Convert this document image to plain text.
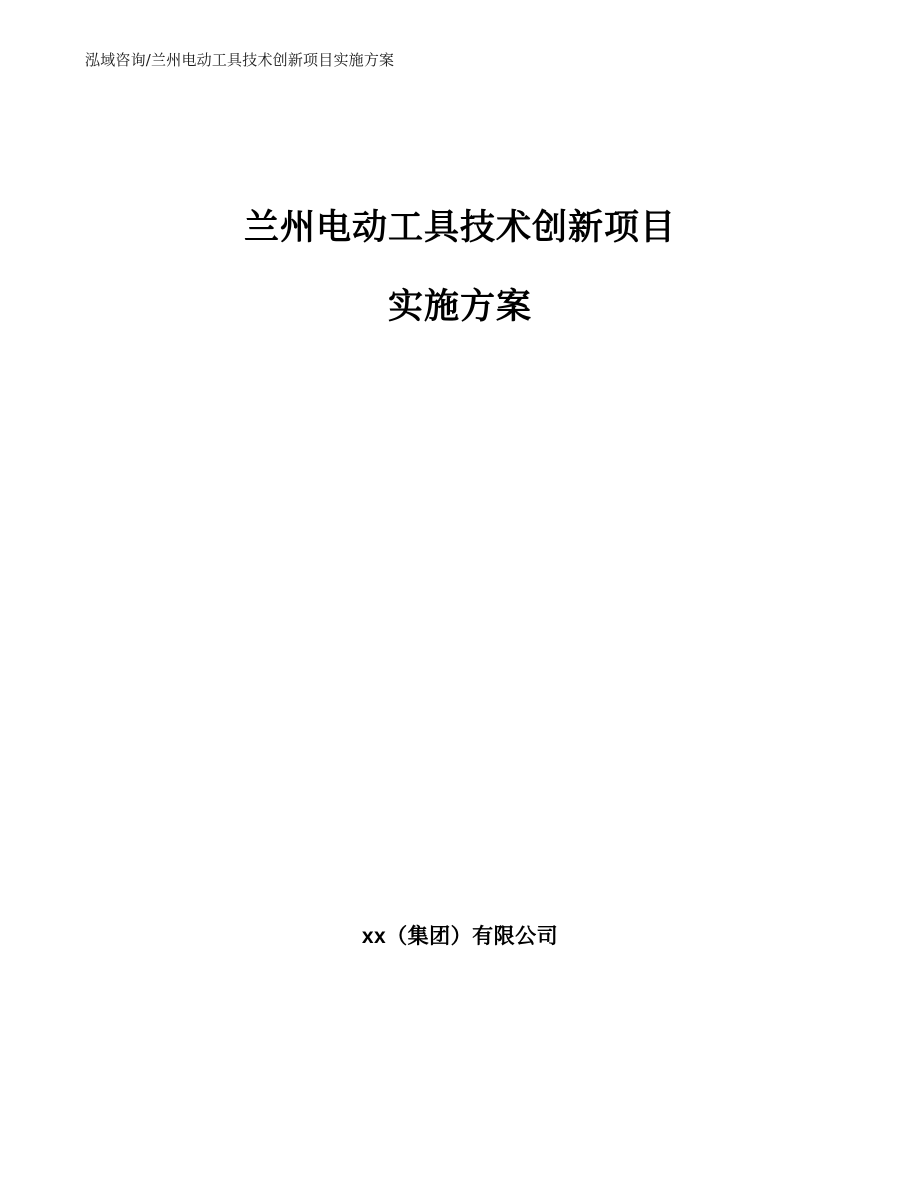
泓域咨询/兰州电动工具技术创新项目实施方案
兰州电动工具技术创新项目
实施方案
xx（集团）有限公司
